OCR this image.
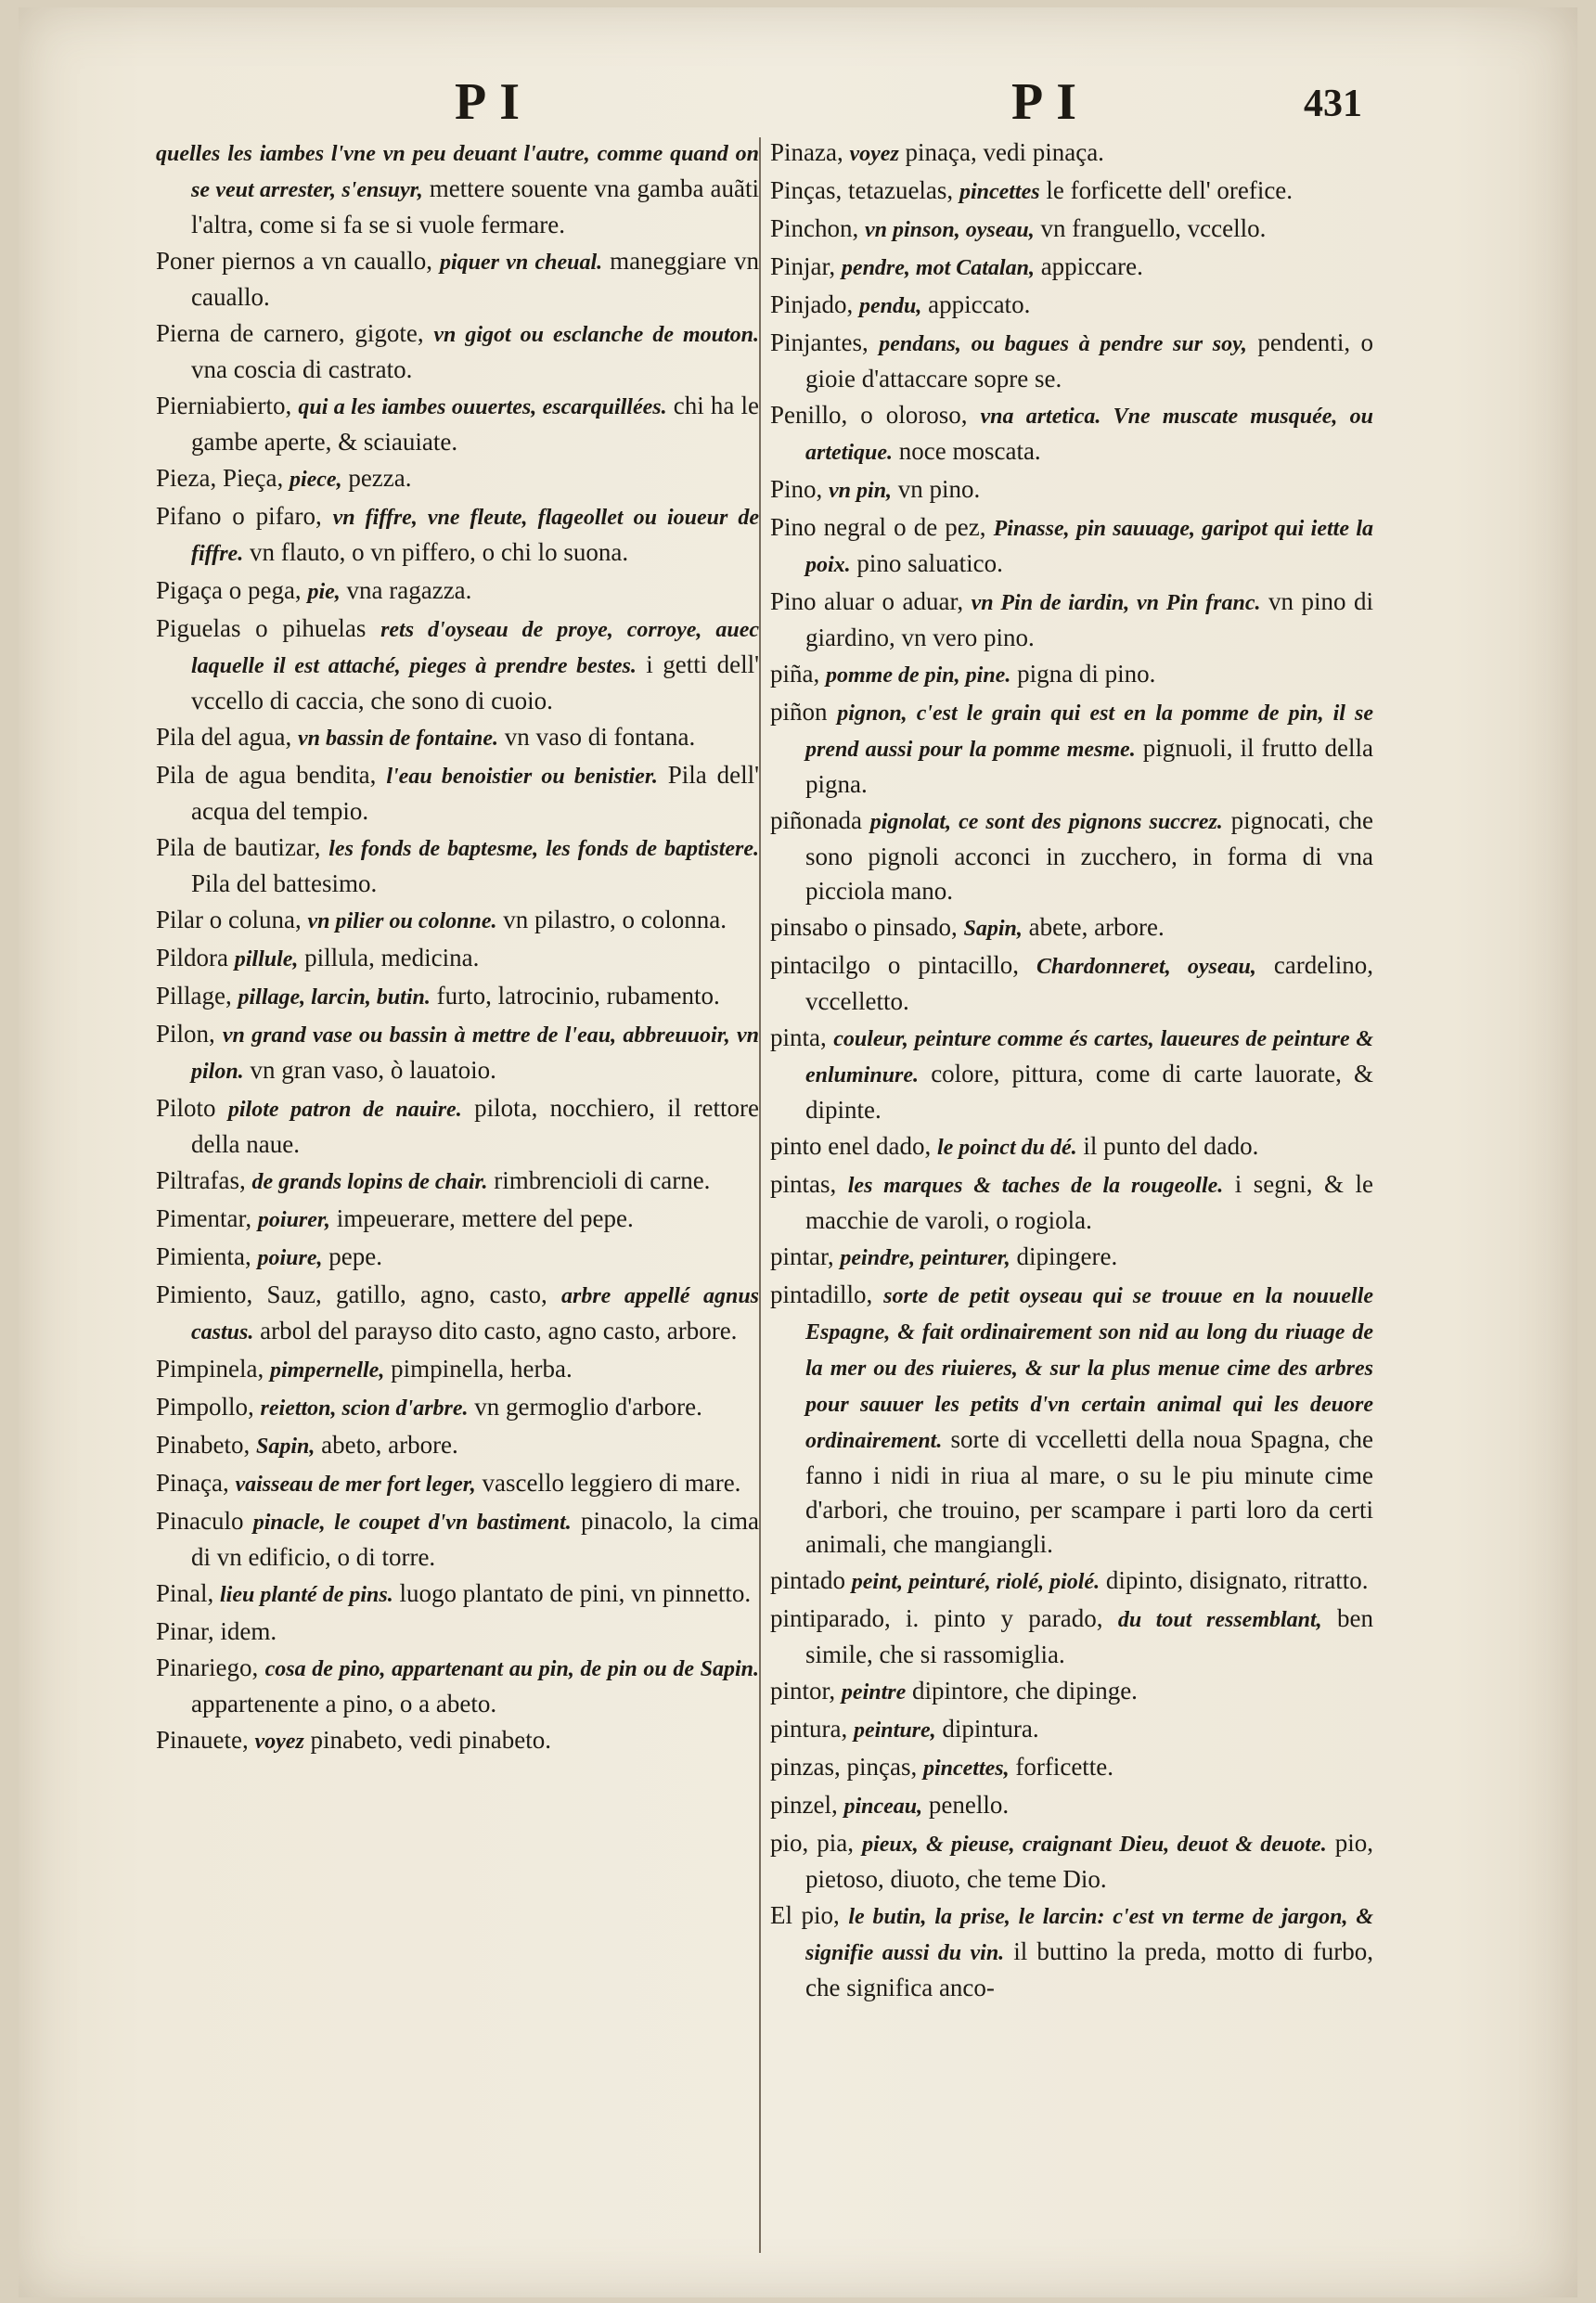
PI	PI	431

quelles les iambes l'vne vn peu deuant l'autre, comme quand on se veut arrester, s'ensuyr, mettere souente vna gamba auãti l'altra, come si fa se si vuole fermare.

Poner piernos a vn cauallo, piquer vn cheual. maneggiare vn cauallo.

Pierna de carnero, gigote, vn gigot ou esclanche de mouton. vna coscia di castrato.

Pierniabierto, qui a les iambes ouuertes, escarquillées. chi ha le gambe aperte, & sciauiate.

Pieza, Pieça, piece, pezza.

Pifano o pifaro, vn fiffre, vne fleute, flageollet ou ioueur de fiffre. vn flauto, o vn piffero, o chi lo suona.

Pigaça o pega, pie, vna ragazza.

Piguelas o pihuelas rets d'oyseau de proye, corroye, auec laquelle il est attaché, pieges à prendre bestes. i getti dell' vccello di caccia, che sono di cuoio.

Pila del agua, vn bassin de fontaine. vn vaso di fontana.

Pila de agua bendita, l'eau benoistier ou benistier. Pila dell' acqua del tempio.

Pila de bautizar, les fonds de baptesme, les fonds de baptistere. Pila del battesimo.

Pilar o coluna, vn pilier ou colonne. vn pilastro, o colonna.

Pildora pillule, pillula, medicina.

Pillage, pillage, larcin, butin. furto, latrocinio, rubamento.

Pilon, vn grand vase ou bassin à mettre de l'eau, abbreuuoir, vn pilon. vn gran vaso, ò lauatoio.

Piloto pilote patron de nauire. pilota, nocchiero, il rettore della naue.

Piltrafas, de grands lopins de chair. rimbrencioli di carne.

Pimentar, poiurer, impeuerare, mettere del pepe.

Pimienta, poiure, pepe.

Pimiento, Sauz, gatillo, agno, casto, arbre appellé agnus castus. arbol del paraysо dito casto, agno casto, arbore.

Pimpinela, pimpernelle, pimpinella, herba.

Pimpollo, reietton, scion d'arbre. vn germoglio d'arbore.

Pinabeto, Sapin, abeto, arbore.

Pinaça, vaisseau de mer fort leger, vascello leggiero di mare.

Pinaculo pinacle, le coupet d'vn bastiment. pinacolo, la cima di vn edificio, o di torre.

Pinal, lieu planté de pins. luogo plantato de pini, vn pinnetto.

Pinar, idem.

Pinariego, cosa de pino, appartenant au pin, de pin ou de Sapin. appartenente a pino, o a abeto.

Pinauete, voyez pinabeto, vedi pinabeto.

Pinaza, voyez pinaça, vedi pinaça.

Pinças, tetazuelas, pincettes le forficette dell' orefice.

Pinchon, vn pinson, oyseau, vn franguello, vccello.

Pinjar, pendre, mot Catalan, appiccare.

Pinjado, pendu, appiccato.

Pinjantes, pendans, ou bagues à pendre sur soy, pendenti, o gioie d'attaccare sopre se.

Penillo, o oloroso, vna artetica. Vne muscate musquée, ou artetique. noce moscata.

Pino, vn pin, vn pino.

Pino negral o de pez, Pinasse, pin sauuage, garipot qui iette la poix. pino saluatico.

Pino aluar o aduar, vn Pin de iardin, vn Pin franc. vn pino di giardino, vn vero pino.

piña, pomme de pin, pine. pigna di pino.

piñon pignon, c'est le grain qui est en la pomme de pin, il se prend aussi pour la pomme mesme. pignuoli, il frutto della pigna.

piñonada pignolat, ce sont des pignons succrez. pignocati, che sono pignoli acconci in zucchero, in forma di vna picciola mano.

pinsabo o pinsado, Sapin, abete, arbore.

pintacilgo o pintacillo, Chardonneret, oyseau, cardelino, vccelletto.

pinta, couleur, peinture comme és cartes, laueures de peinture & enluminure. colore, pittura, come di carte lauorate, & dipinte.

pinto enel dado, le poinct du dé. il punto del dado.

pintas, les marques & taches de la rougeolle. i segni, & le macchie de varoli, o rogiola.

pintar, peindre, peinturer, dipingere.

pintadillo, sorte de petit oyseau qui se trouue en la nouuelle Espagne, & fait ordinairement son nid au long du riuage de la mer ou des riuieres, & sur la plus menue cime des arbres pour sauuer les petits d'vn certain animal qui les deuore ordinairement. sorte di vccelletti della noua Spagna, che fanno i nidi in riua al mare, o su le piu minute cime d'arbori, che trouino, per scampare i parti loro da certi animali, che mangiangli.

pintado peint, peinturé, riolé, piolé. dipinto, disignato, ritratto.

pintiparado, i. pinto y parado, du tout ressemblant, ben simile, che si rassomiglia.

pintor, peintre dipintore, che dipinge.

pintura, peinture, dipintura.

pinzas, pinças, pincettes, forficette.

pinzel, pinceau, penello.

pio, pia, pieux, & pieuse, craignant Dieu, deuot & deuote. pio, pietoso, diuoto, che teme Dio.

El pio, le butin, la prise, le larcin: c'est vn terme de jargon, & signifie aussi du vin. il buttino la preda, motto di furbo, che significa anco-
